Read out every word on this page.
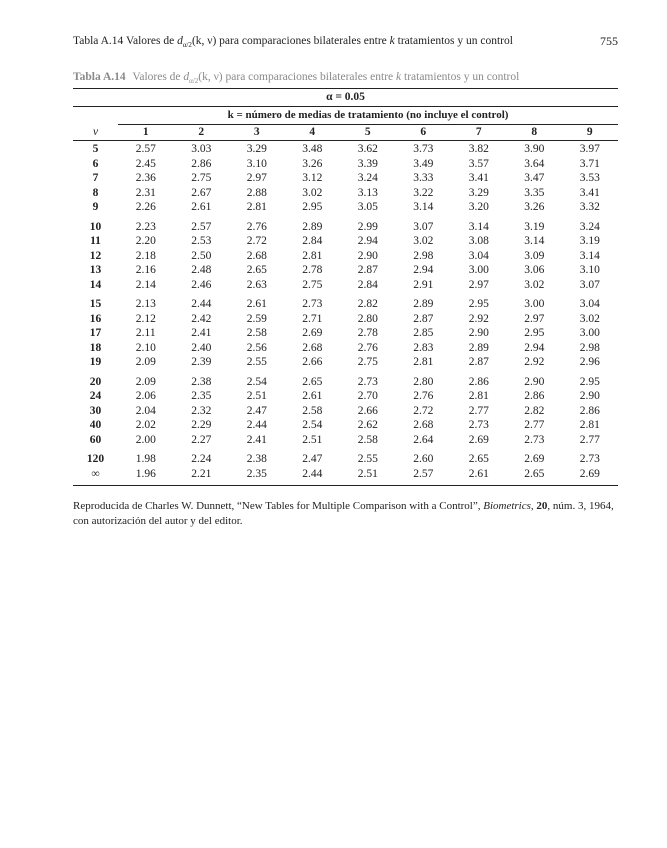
Tabla A.14 Valores de $d_{\alpha/2}(k$, ν) para comparaciones bilaterales entre k tratamientos y un control	755
Tabla A.14 Valores de $d_{\alpha/2}(k$, ν) para comparaciones bilaterales entre k tratamientos y un control
α = 0.05
k = número de medias de tratamiento (no incluye el control)
ν	1	2	3	4	5	6	7	8	9
5	2.57	3.03	3.29	3.48	3.62	3.73	3.82	3.90	3.97
6	2.45	2.86	3.10	3.26	3.39	3.49	3.57	3.64	3.71
7	2.36	2.75	2.97	3.12	3.24	3.33	3.41	3.47	3.53
8	2.31	2.67	2.88	3.02	3.13	3.22	3.29	3.35	3.41
9	2.26	2.61	2.81	2.95	3.05	3.14	3.20	3.26	3.32
10	2.23	2.57	2.76	2.89	2.99	3.07	3.14	3.19	3.24
11	2.20	2.53	2.72	2.84	2.94	3.02	3.08	3.14	3.19
12	2.18	2.50	2.68	2.81	2.90	2.98	3.04	3.09	3.14
13	2.16	2.48	2.65	2.78	2.87	2.94	3.00	3.06	3.10
14	2.14	2.46	2.63	2.75	2.84	2.91	2.97	3.02	3.07
15	2.13	2.44	2.61	2.73	2.82	2.89	2.95	3.00	3.04
16	2.12	2.42	2.59	2.71	2.80	2.87	2.92	2.97	3.02
17	2.11	2.41	2.58	2.69	2.78	2.85	2.90	2.95	3.00
18	2.10	2.40	2.56	2.68	2.76	2.83	2.89	2.94	2.98
19	2.09	2.39	2.55	2.66	2.75	2.81	2.87	2.92	2.96
20	2.09	2.38	2.54	2.65	2.73	2.80	2.86	2.90	2.95
24	2.06	2.35	2.51	2.61	2.70	2.76	2.81	2.86	2.90
30	2.04	2.32	2.47	2.58	2.66	2.72	2.77	2.82	2.86
40	2.02	2.29	2.44	2.54	2.62	2.68	2.73	2.77	2.81
60	2.00	2.27	2.41	2.51	2.58	2.64	2.69	2.73	2.77
120	1.98	2.24	2.38	2.47	2.55	2.60	2.65	2.69	2.73
∞	1.96	2.21	2.35	2.44	2.51	2.57	2.61	2.65	2.69
Reproducida de Charles W. Dunnett, “New Tables for Multiple Comparison with a Control”, Biometrics, 20, núm. 3, 1964, con autorización del autor y del editor.
